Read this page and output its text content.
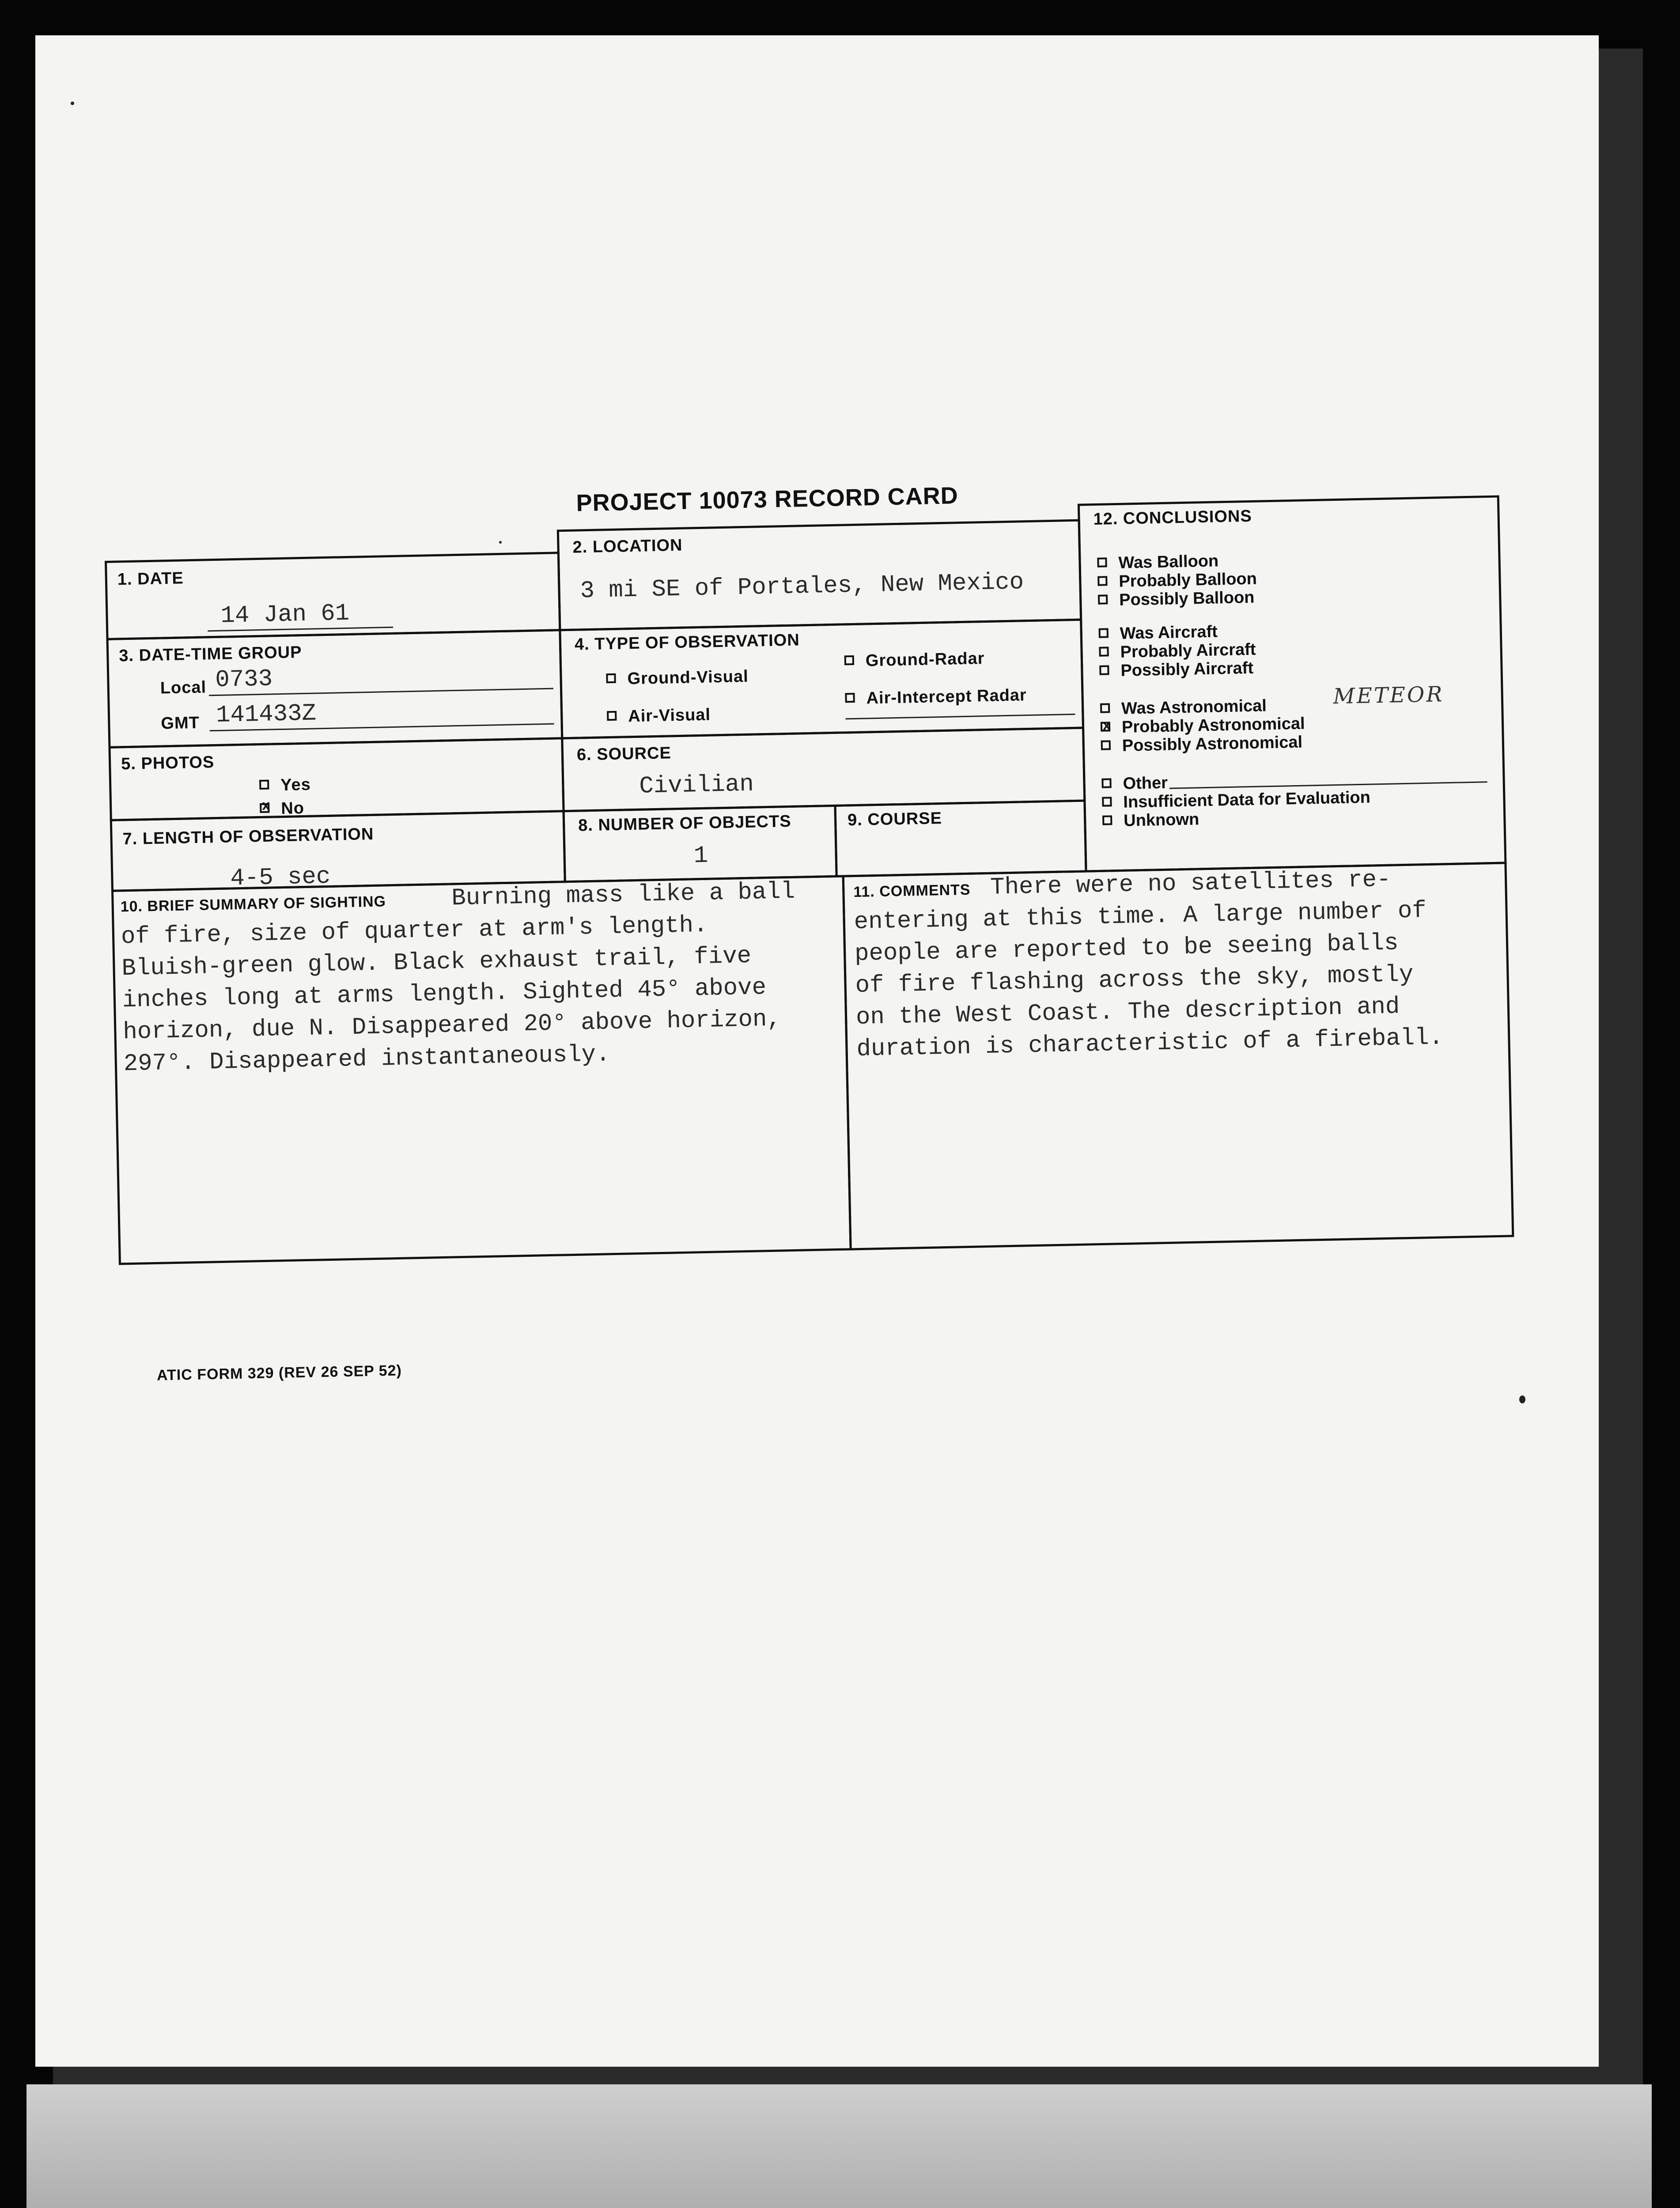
PROJECT 10073 RECORD CARD
1. DATE
14 Jan 61
2. LOCATION
3 mi SE of Portales, New Mexico
3. DATE-TIME GROUP
Local 0733
GMT 141433Z
4. TYPE OF OBSERVATION
Ground-Visual
Ground-Radar
Air-Visual
Air-Intercept Radar
5. PHOTOS
Yes
xNo
6. SOURCE
Civilian
7. LENGTH OF OBSERVATION
4-5 sec
8. NUMBER OF OBJECTS
1
9. COURSE
10. BRIEF SUMMARY OF SIGHTING	Burning mass like a ball
of fire, size of quarter at arm's length.
Bluish-green glow. Black exhaust trail, five
inches long at arms length. Sighted 45° above
horizon, due N. Disappeared 20° above horizon,
297°. Disappeared instantaneously.
11. COMMENTS There were no satellites re-
entering at this time. A large number of
people are reported to be seeing balls
of fire flashing across the sky, mostly
on the West Coast. The description and
duration is characteristic of a fireball.
12. CONCLUSIONS
Was Balloon
Probably Balloon
Possibly Balloon
Was Aircraft
Probably Aircraft
Possibly Aircraft
Was Astronomical
xProbably Astronomical
Possibly Astronomical
Other
Insufficient Data for Evaluation
Unknown
METEOR
ATIC FORM 329 (REV 26 SEP 52)
